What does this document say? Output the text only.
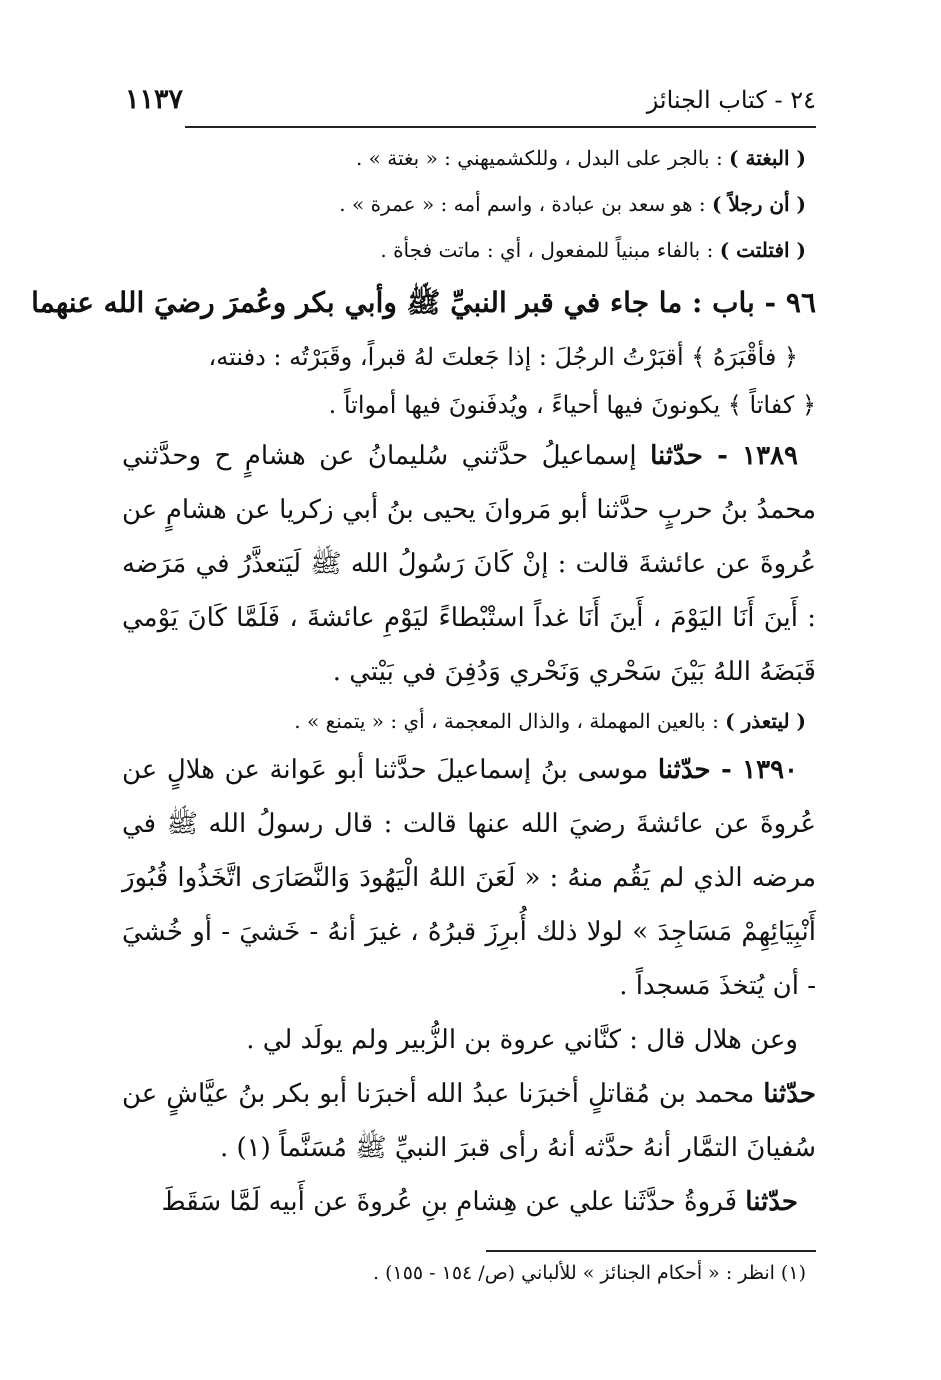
٢٤ - كتاب الجنائز
١١٣٧

( البغتة ) : بالجر على البدل ، وللكشميهني : « بغتة » .

( أن رجلاً ) : هو سعد بن عبادة ، واسم أمه : « عمرة » .

( افتلتت ) : بالفاء مبنياً للمفعول ، أي : ماتت فجأة .

٩٦ - باب : ما جاء في قبر النبيِّ ﷺ وأبي بكر وعُمرَ رضيَ الله عنهما

﴿ فأقْبَرَهُ ﴾ أقبَرْتُ الرجُلَ : إذا جَعلتَ لهُ قبراً، وقَبَرْتُه : دفنته،

﴿ كفاتاً ﴾ يكونونَ فيها أحياءً ، ويُدفَنونَ فيها أمواتاً .

١٣٨٩ - حدّثنا إسماعيلُ حدَّثني سُليمانُ عن هشامٍ ح وحدَّثني محمدُ بنُ حربٍ حدَّثنا أبو مَروانَ يحيى بنُ أبي زكريا عن هشامٍ عن عُروةَ عن عائشةَ قالت : إنْ كَانَ رَسُولُ الله ﷺ لَيَتعذَّرُ في مَرَضه : أَينَ أَنَا اليَوْمَ ، أَينَ أَنَا غداً استْبْطاءً ليَوْمِ عائشةَ ، فَلَمَّا كَانَ يَوْمي قَبَضَهُ اللهُ بَيْنَ سَحْري وَنَحْري وَدُفِنَ في بَيْتي .

( ليتعذر ) : بالعين المهملة ، والذال المعجمة ، أي : « يتمنع » .

١٣٩٠ - حدّثنا موسى بنُ إسماعيلَ حدَّثنا أبو عَوانة عن هلالٍ عن عُروةَ عن عائشةَ رضيَ الله عنها قالت : قال رسولُ الله ﷺ في مرضه الذي لم يَقُم منهُ : « لَعَنَ اللهُ الْيَهُودَ وَالنَّصَارَى اتَّخَذُوا قُبُورَ أَنْبِيَائِهِمْ مَسَاجِدَ » لولا ذلك أُبرِزَ قبرُهُ ، غيرَ أنهُ - خَشيَ - أو خُشيَ - أن يُتخذَ مَسجداً .

وعن هلال قال : كنَّاني عروة بن الزُّبير ولم يولَد لي .

حدّثنا محمد بن مُقاتلٍ أخبرَنا عبدُ الله أخبرَنا أبو بكر بنُ عيَّاشٍ عن سُفيانَ التمَّار أنهُ حدَّثه أنهُ رأى قبرَ النبيِّ ﷺ مُسَنَّماً (١) .

حدّثنا فَروةُ حدَّثَنا علي عن هِشامِ بنِ عُروةَ عن أَبيه لَمَّا سَقَطَ

(١) انظر : « أحكام الجنائز » للألباني (ص/ ١٥٤ - ١٥٥) .
